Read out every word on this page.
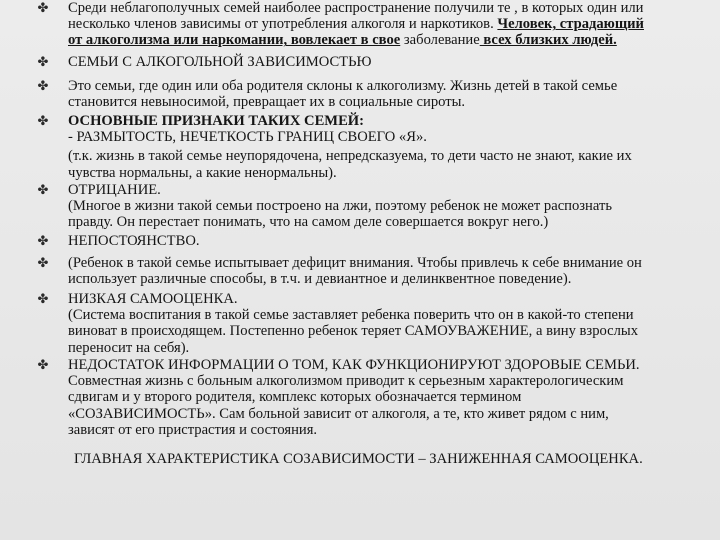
✤ Среди неблагополучных семей наиболее распространение получили те , в которых один или
несколько членов зависимы от употребления алкоголя и наркотиков. Человек, страдающий
от алкоголизма или наркомании, вовлекает в свое заболевание всех близких людей.
✤ СЕМЬИ С АЛКОГОЛЬНОЙ ЗАВИСИМОСТЬЮ
✤ Это семьи, где один или оба родителя склоны к алкоголизму. Жизнь детей в такой семье
становится невыносимой, превращает их в социальные сироты.
✤ ОСНОВНЫЕ ПРИЗНАКИ ТАКИХ СЕМЕЙ:
- РАЗМЫТОСТЬ, НЕЧЕТКОСТЬ ГРАНИЦ СВОЕГО «Я».
(т.к. жизнь в такой семье неупорядочена, непредсказуема, то дети часто не знают, какие их
чувства нормальны, а какие ненормальны).
✤ ОТРИЦАНИЕ.
(Многое в жизни такой семьи построено на лжи, поэтому ребенок не может распознать
правду. Он перестает понимать, что на самом деле совершается вокруг него.)
✤ НЕПОСТОЯНСТВО.
✤ (Ребенок в такой семье испытывает дефицит внимания. Чтобы привлечь к себе внимание он
использует различные способы, в т.ч. и девиантное и делинквентное поведение).
✤ НИЗКАЯ САМООЦЕНКА.
(Система воспитания в такой семье заставляет ребенка поверить что он в какой-то степени
виноват в происходящем. Постепенно ребенок теряет САМОУВАЖЕНИЕ, а вину взрослых
переносит на себя).
✤ НЕДОСТАТОК ИНФОРМАЦИИ О ТОМ, КАК ФУНКЦИОНИРУЮТ ЗДОРОВЫЕ СЕМЬИ.
Совместная жизнь с больным алкоголизмом приводит к серьезным характерологическим
сдвигам и у второго родителя, комплекс которых обозначается термином
«СОЗАВИСИМОСТЬ». Сам больной зависит от алкоголя, а те, кто живет рядом с ним,
зависят от его пристрастия и состояния.
ГЛАВНАЯ ХАРАКТЕРИСТИКА СОЗАВИСИМОСТИ – ЗАНИЖЕННАЯ САМООЦЕНКА.
